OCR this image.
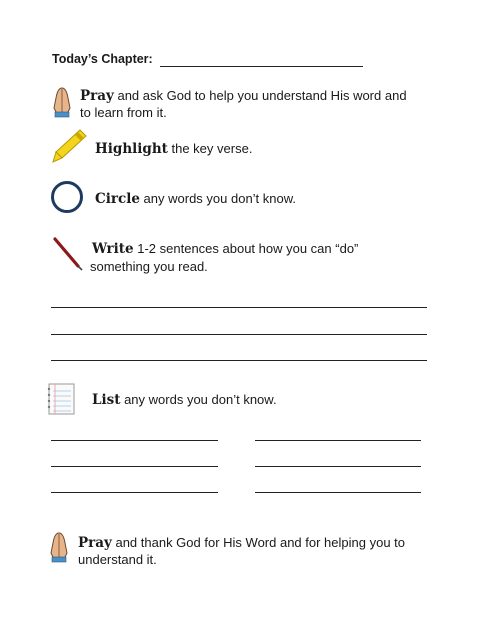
Today’s Chapter:
Pray and ask God to help you understand His word and
to learn from it.
Highlight the key verse.
Circle any words you don’t know.
Write 1-2 sentences about how you can “do”
something you read.
List any words you don’t know.
Pray and thank God for His Word and for helping you to
understand it.
